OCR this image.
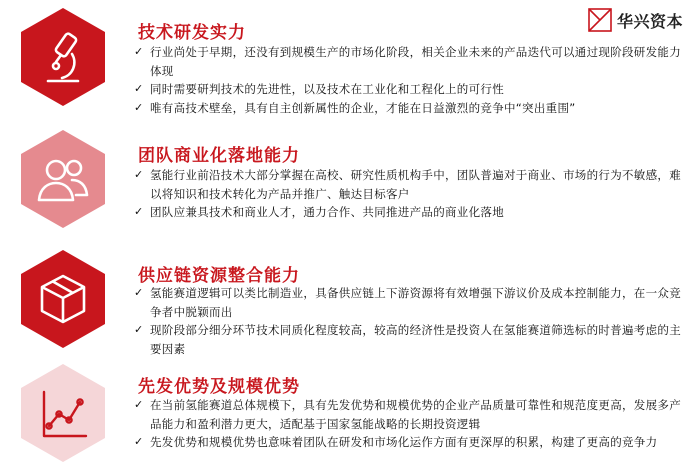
华兴资本
技术研发实力
✓ 行业尚处于早期，还没有到规模生产的市场化阶段，相关企业未来的产品迭代可以通过现阶段研发能力体现
✓ 同时需要研判技术的先进性，以及技术在工业化和工程化上的可行性
✓ 唯有高技术壁垒，具有自主创新属性的企业，才能在日益激烈的竞争中“突出重围”
团队商业化落地能力
✓ 氢能行业前沿技术大部分掌握在高校、研究性质机构手中，团队普遍对于商业、市场的行为不敏感，难以将知识和技术转化为产品并推广、触达目标客户
✓ 团队应兼具技术和商业人才，通力合作、共同推进产品的商业化落地
供应链资源整合能力
✓ 氢能赛道逻辑可以类比制造业，具备供应链上下游资源将有效增强下游议价及成本控制能力，在一众竞争者中脱颖而出
✓ 现阶段部分细分环节技术同质化程度较高，较高的经济性是投资人在氢能赛道筛选标的时普遍考虑的主要因素
先发优势及规模优势
✓ 在当前氢能赛道总体规模下，具有先发优势和规模优势的企业产品质量可靠性和规范度更高，发展多产品能力和盈利潜力更大，适配基于国家氢能战略的长期投资逻辑
✓ 先发优势和规模优势也意味着团队在研发和市场化运作方面有更深厚的积累，构建了更高的竞争力
